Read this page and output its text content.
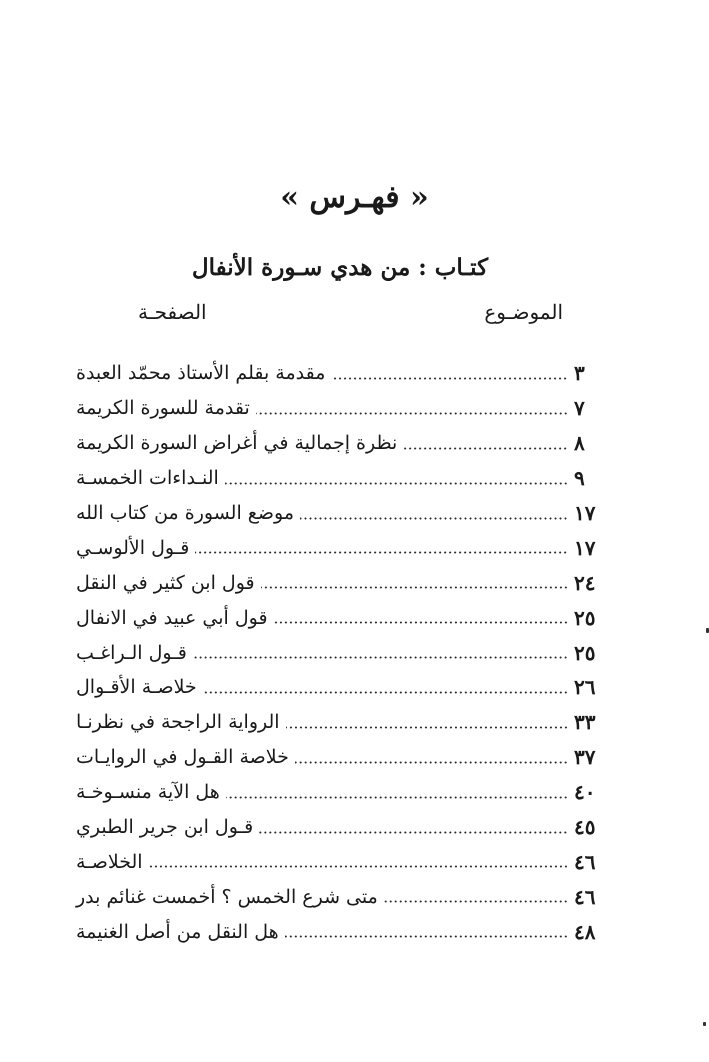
« فهـرس »
كتـاب : من هدي سـورة الأنفال
الموضـوع
الصفحـة
مقدمة بقلم الأستاذ محمّد العبدة	٣
تقدمة للسورة الكريمة	٧
نظرة إجمالية في أغراض السورة الكريمة	٨
النـداءات الخمسـة	٩
موضع السورة من كتاب الله	١٧
قـول الألوسـي	١٧
قول ابن كثير في النقل	٢٤
قول أبي عبيد في الانفال	٢٥
قـول الـراغـب	٢٥
خلاصـة الأقـوال	٢٦
الرواية الراجحة في نظرنـا	٣٣
خلاصة القـول في الروايـات	٣٧
هل الآية منسـوخـة	٤٠
قـول ابن جرير الطبري	٤٥
الخلاصـة	٤٦
متى شرع الخمس ؟ أخمست غنائم بدر	٤٦
هل النقل من أصل الغنيمة	٤٨
